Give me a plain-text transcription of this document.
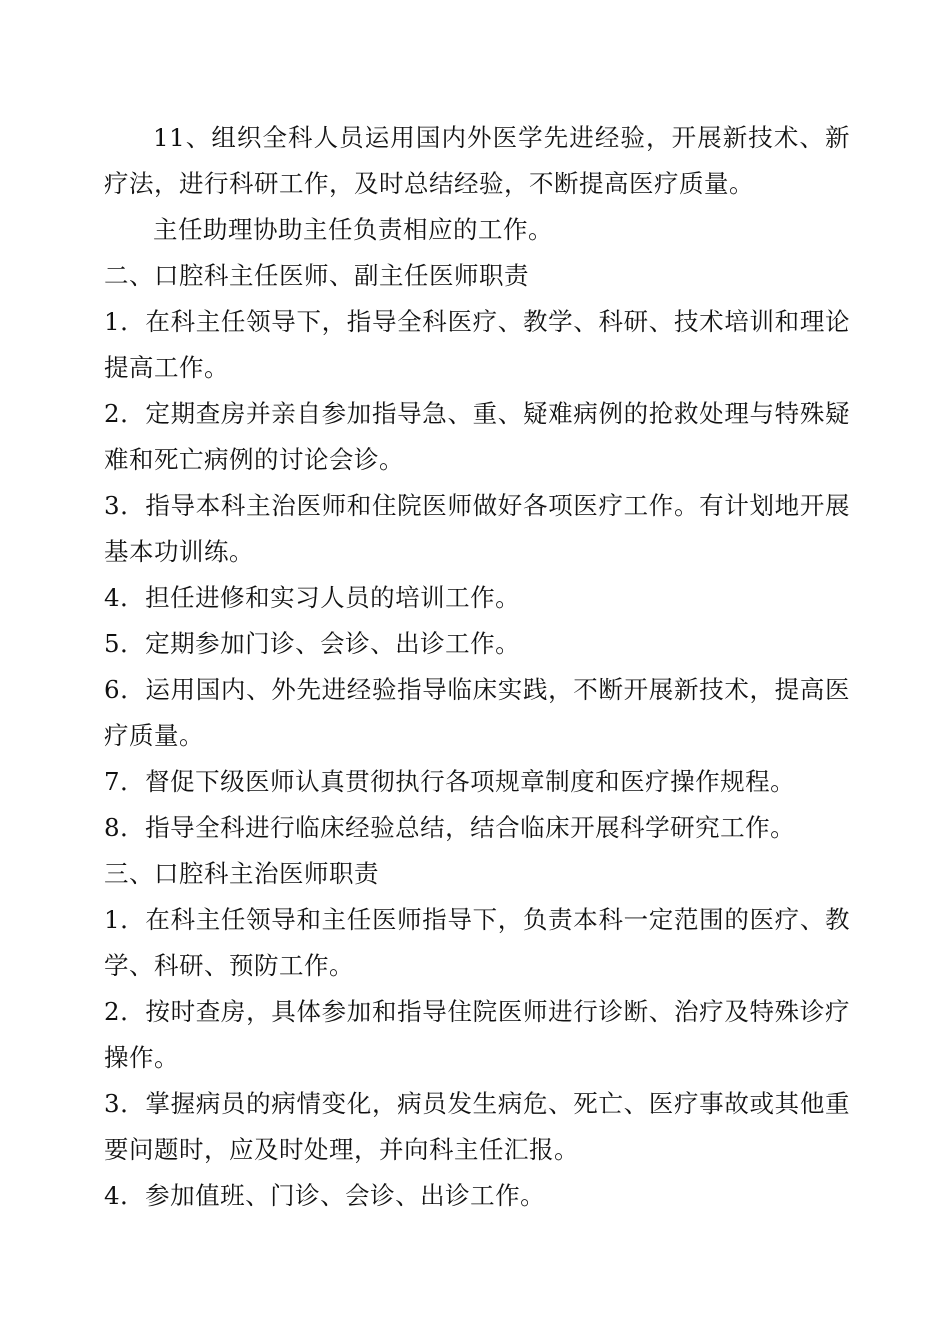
11、组织全科人员运用国内外医学先进经验，开展新技术、新疗法，进行科研工作，及时总结经验，不断提高医疗质量。

主任助理协助主任负责相应的工作。

二、口腔科主任医师、副主任医师职责

1．在科主任领导下，指导全科医疗、教学、科研、技术培训和理论提高工作。

2．定期查房并亲自参加指导急、重、疑难病例的抢救处理与特殊疑难和死亡病例的讨论会诊。

3．指导本科主治医师和住院医师做好各项医疗工作。有计划地开展基本功训练。

4．担任进修和实习人员的培训工作。

5．定期参加门诊、会诊、出诊工作。

6．运用国内、外先进经验指导临床实践，不断开展新技术，提高医疗质量。

7．督促下级医师认真贯彻执行各项规章制度和医疗操作规程。

8．指导全科进行临床经验总结，结合临床开展科学研究工作。

三、口腔科主治医师职责

1．在科主任领导和主任医师指导下，负责本科一定范围的医疗、教学、科研、预防工作。

2．按时查房，具体参加和指导住院医师进行诊断、治疗及特殊诊疗操作。

3．掌握病员的病情变化，病员发生病危、死亡、医疗事故或其他重要问题时，应及时处理，并向科主任汇报。

4．参加值班、门诊、会诊、出诊工作。
